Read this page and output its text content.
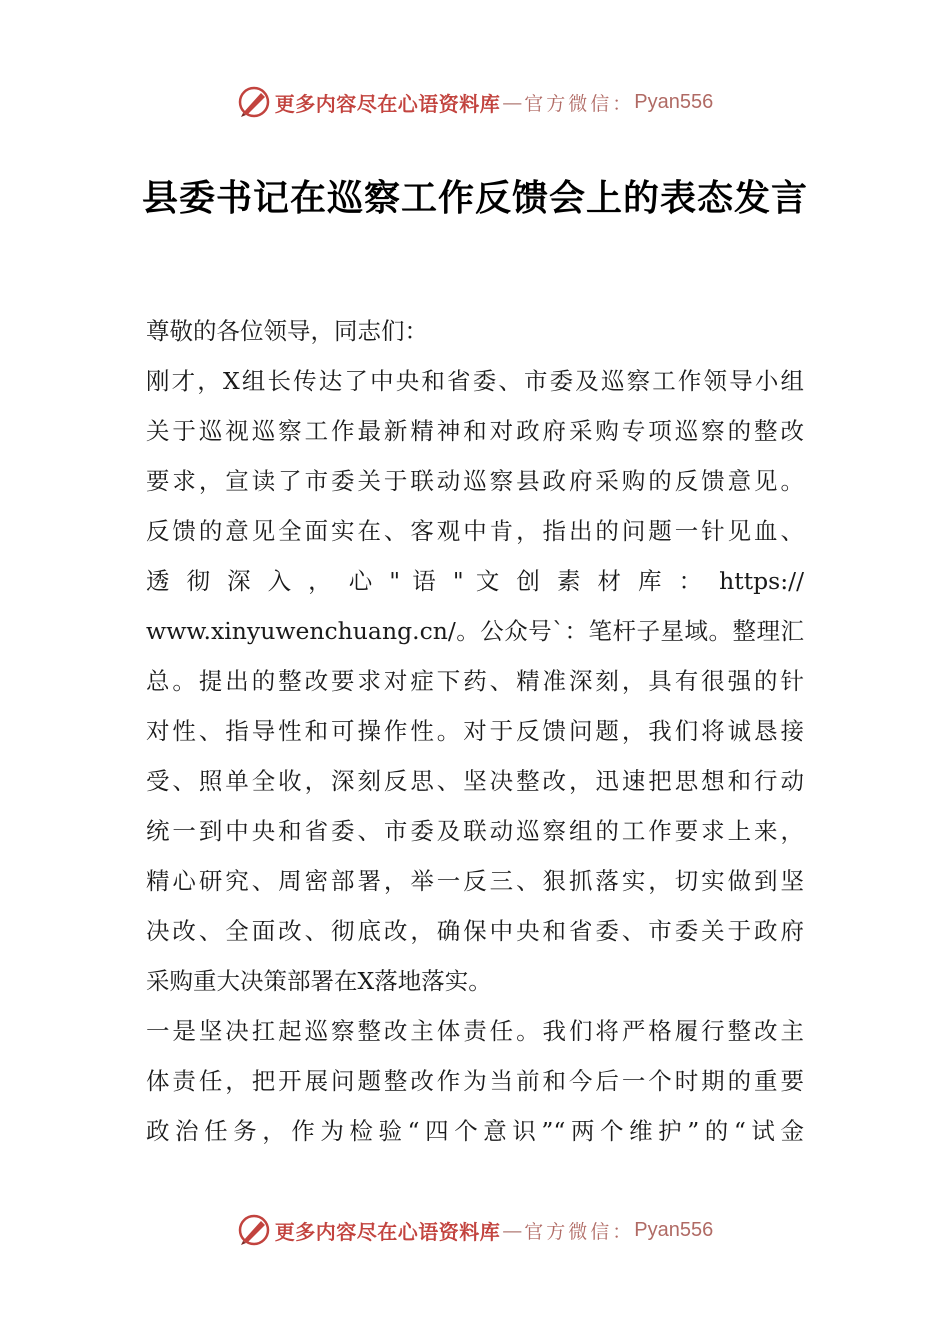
更多内容尽在心语资料库 — 官方微信： Pyan556
县委书记在巡察工作反馈会上的表态发言
尊敬的各位领导，同志们：
刚才，X组长传达了中央和省委、市委及巡察工作领导小组
关于巡视巡察工作最新精神和对政府采购专项巡察的整改
要求，宣读了市委关于联动巡察县政府采购的反馈意见。
反馈的意见全面实在、客观中肯，指出的问题一针见血、
透 彻 深 入 ， 心 " 语 " 文 创 素 材 库 ： https://
www.xinyuwenchuang.cn/。公众号`：笔杆子星域。整理汇
总。提出的整改要求对症下药、精准深刻，具有很强的针
对性、指导性和可操作性。对于反馈问题，我们将诚恳接
受、照单全收，深刻反思、坚决整改，迅速把思想和行动
统一到中央和省委、市委及联动巡察组的工作要求上来，
精心研究、周密部署，举一反三、狠抓落实，切实做到坚
决改、全面改、彻底改，确保中央和省委、市委关于政府
采购重大决策部署在X落地落实。
一是坚决扛起巡察整改主体责任。我们将严格履行整改主
体责任，把开展问题整改作为当前和今后一个时期的重要
政治任务，作为检验“四个意识”“两个维护”的“试金
更多内容尽在心语资料库 — 官方微信： Pyan556
